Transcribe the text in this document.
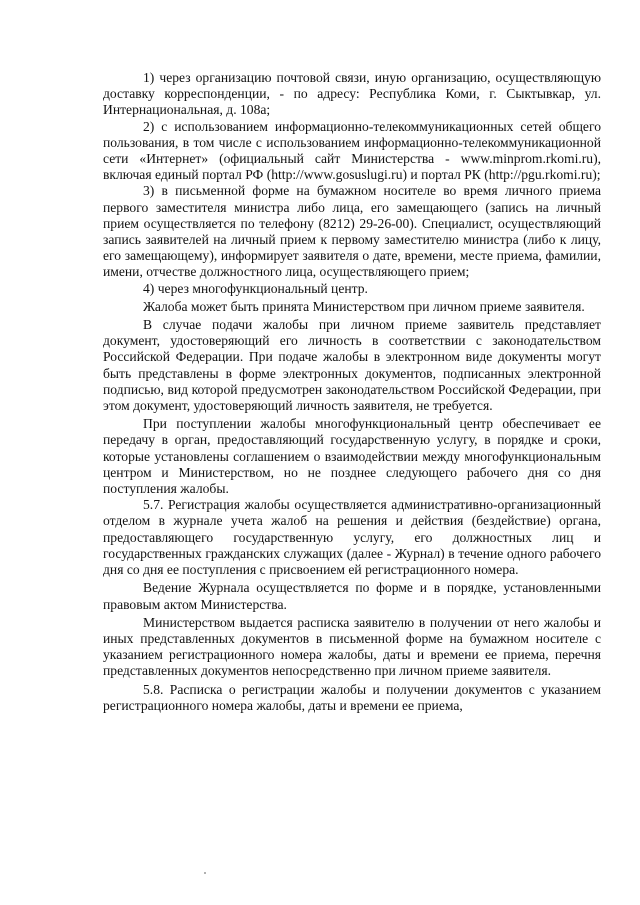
1) через организацию почтовой связи, иную организацию, осуществляющую доставку корреспонденции, - по адресу: Республика Коми, г. Сыктывкар, ул. Интернациональная, д. 108а;

2) с использованием информационно-телекоммуникационных сетей общего пользования, в том числе с использованием информационно-телекоммуникационной сети «Интернет» (официальный сайт Министерства - www.minprom.rkomi.ru), включая единый портал РФ (http://www.gosuslugi.ru) и портал РК (http://pgu.rkomi.ru);

3) в письменной форме на бумажном носителе во время личного приема первого заместителя министра либо лица, его замещающего (запись на личный прием осуществляется по телефону (8212) 29-26-00). Специалист, осуществляющий запись заявителей на личный прием к первому заместителю министра (либо к лицу, его замещающему), информирует заявителя о дате, времени, месте приема, фамилии, имени, отчестве должностного лица, осуществляющего прием;

4) через многофункциональный центр.

Жалоба может быть принята Министерством при личном приеме заявителя.

В случае подачи жалобы при личном приеме заявитель представляет документ, удостоверяющий его личность в соответствии с законодательством Российской Федерации. При подаче жалобы в электронном виде документы могут быть представлены в форме электронных документов, подписанных электронной подписью, вид которой предусмотрен законодательством Российской Федерации, при этом документ, удостоверяющий личность заявителя, не требуется.

При поступлении жалобы многофункциональный центр обеспечивает ее передачу в орган, предоставляющий государственную услугу, в порядке и сроки, которые установлены соглашением о взаимодействии между многофункциональным центром и Министерством, но не позднее следующего рабочего дня со дня поступления жалобы.

5.7. Регистрация жалобы осуществляется административно-организационный отделом в журнале учета жалоб на решения и действия (бездействие) органа, предоставляющего государственную услугу, его должностных лиц и государственных гражданских служащих (далее - Журнал) в течение одного рабочего дня со дня ее поступления с присвоением ей регистрационного номера.

Ведение Журнала осуществляется по форме и в порядке, установленными правовым актом Министерства.

Министерством выдается расписка заявителю в получении от него жалобы и иных представленных документов в письменной форме на бумажном носителе с указанием регистрационного номера жалобы, даты и времени ее приема, перечня представленных документов непосредственно при личном приеме заявителя.

5.8. Расписка о регистрации жалобы и получении документов с указанием регистрационного номера жалобы, даты и времени ее приема,
